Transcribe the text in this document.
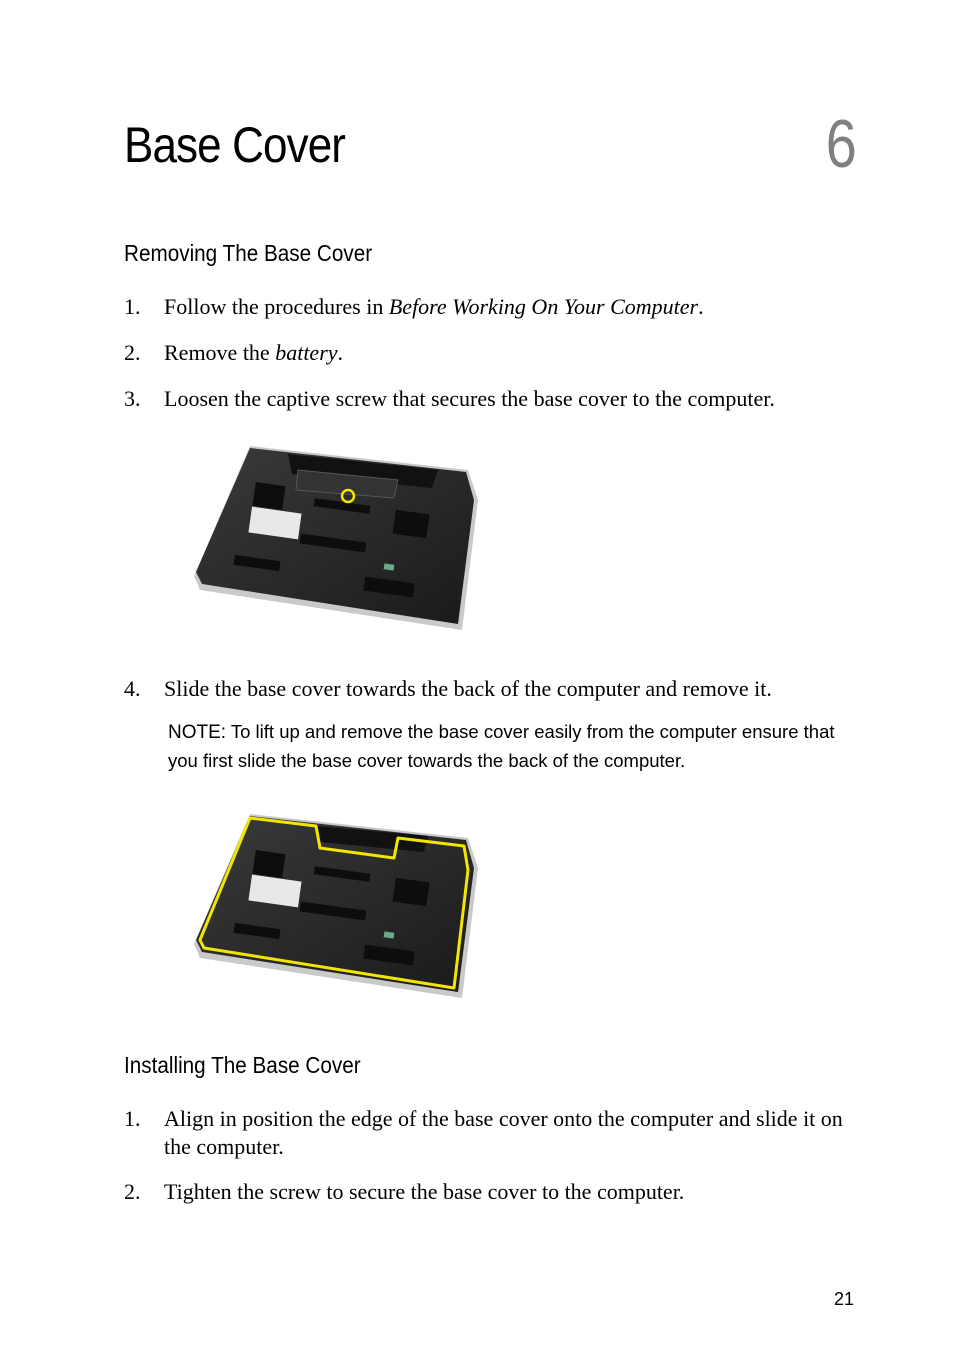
Base Cover	6
Removing The Base Cover
1. Follow the procedures in Before Working On Your Computer.
2. Remove the battery.
3. Loosen the captive screw that secures the base cover to the computer.
4. Slide the base cover towards the back of the computer and remove it.
NOTE: To lift up and remove the base cover easily from the computer ensure that you first slide the base cover towards the back of the computer.
Installing The Base Cover
1. Align in position the edge of the base cover onto the computer and slide it on the computer.
2. Tighten the screw to secure the base cover to the computer.
21
